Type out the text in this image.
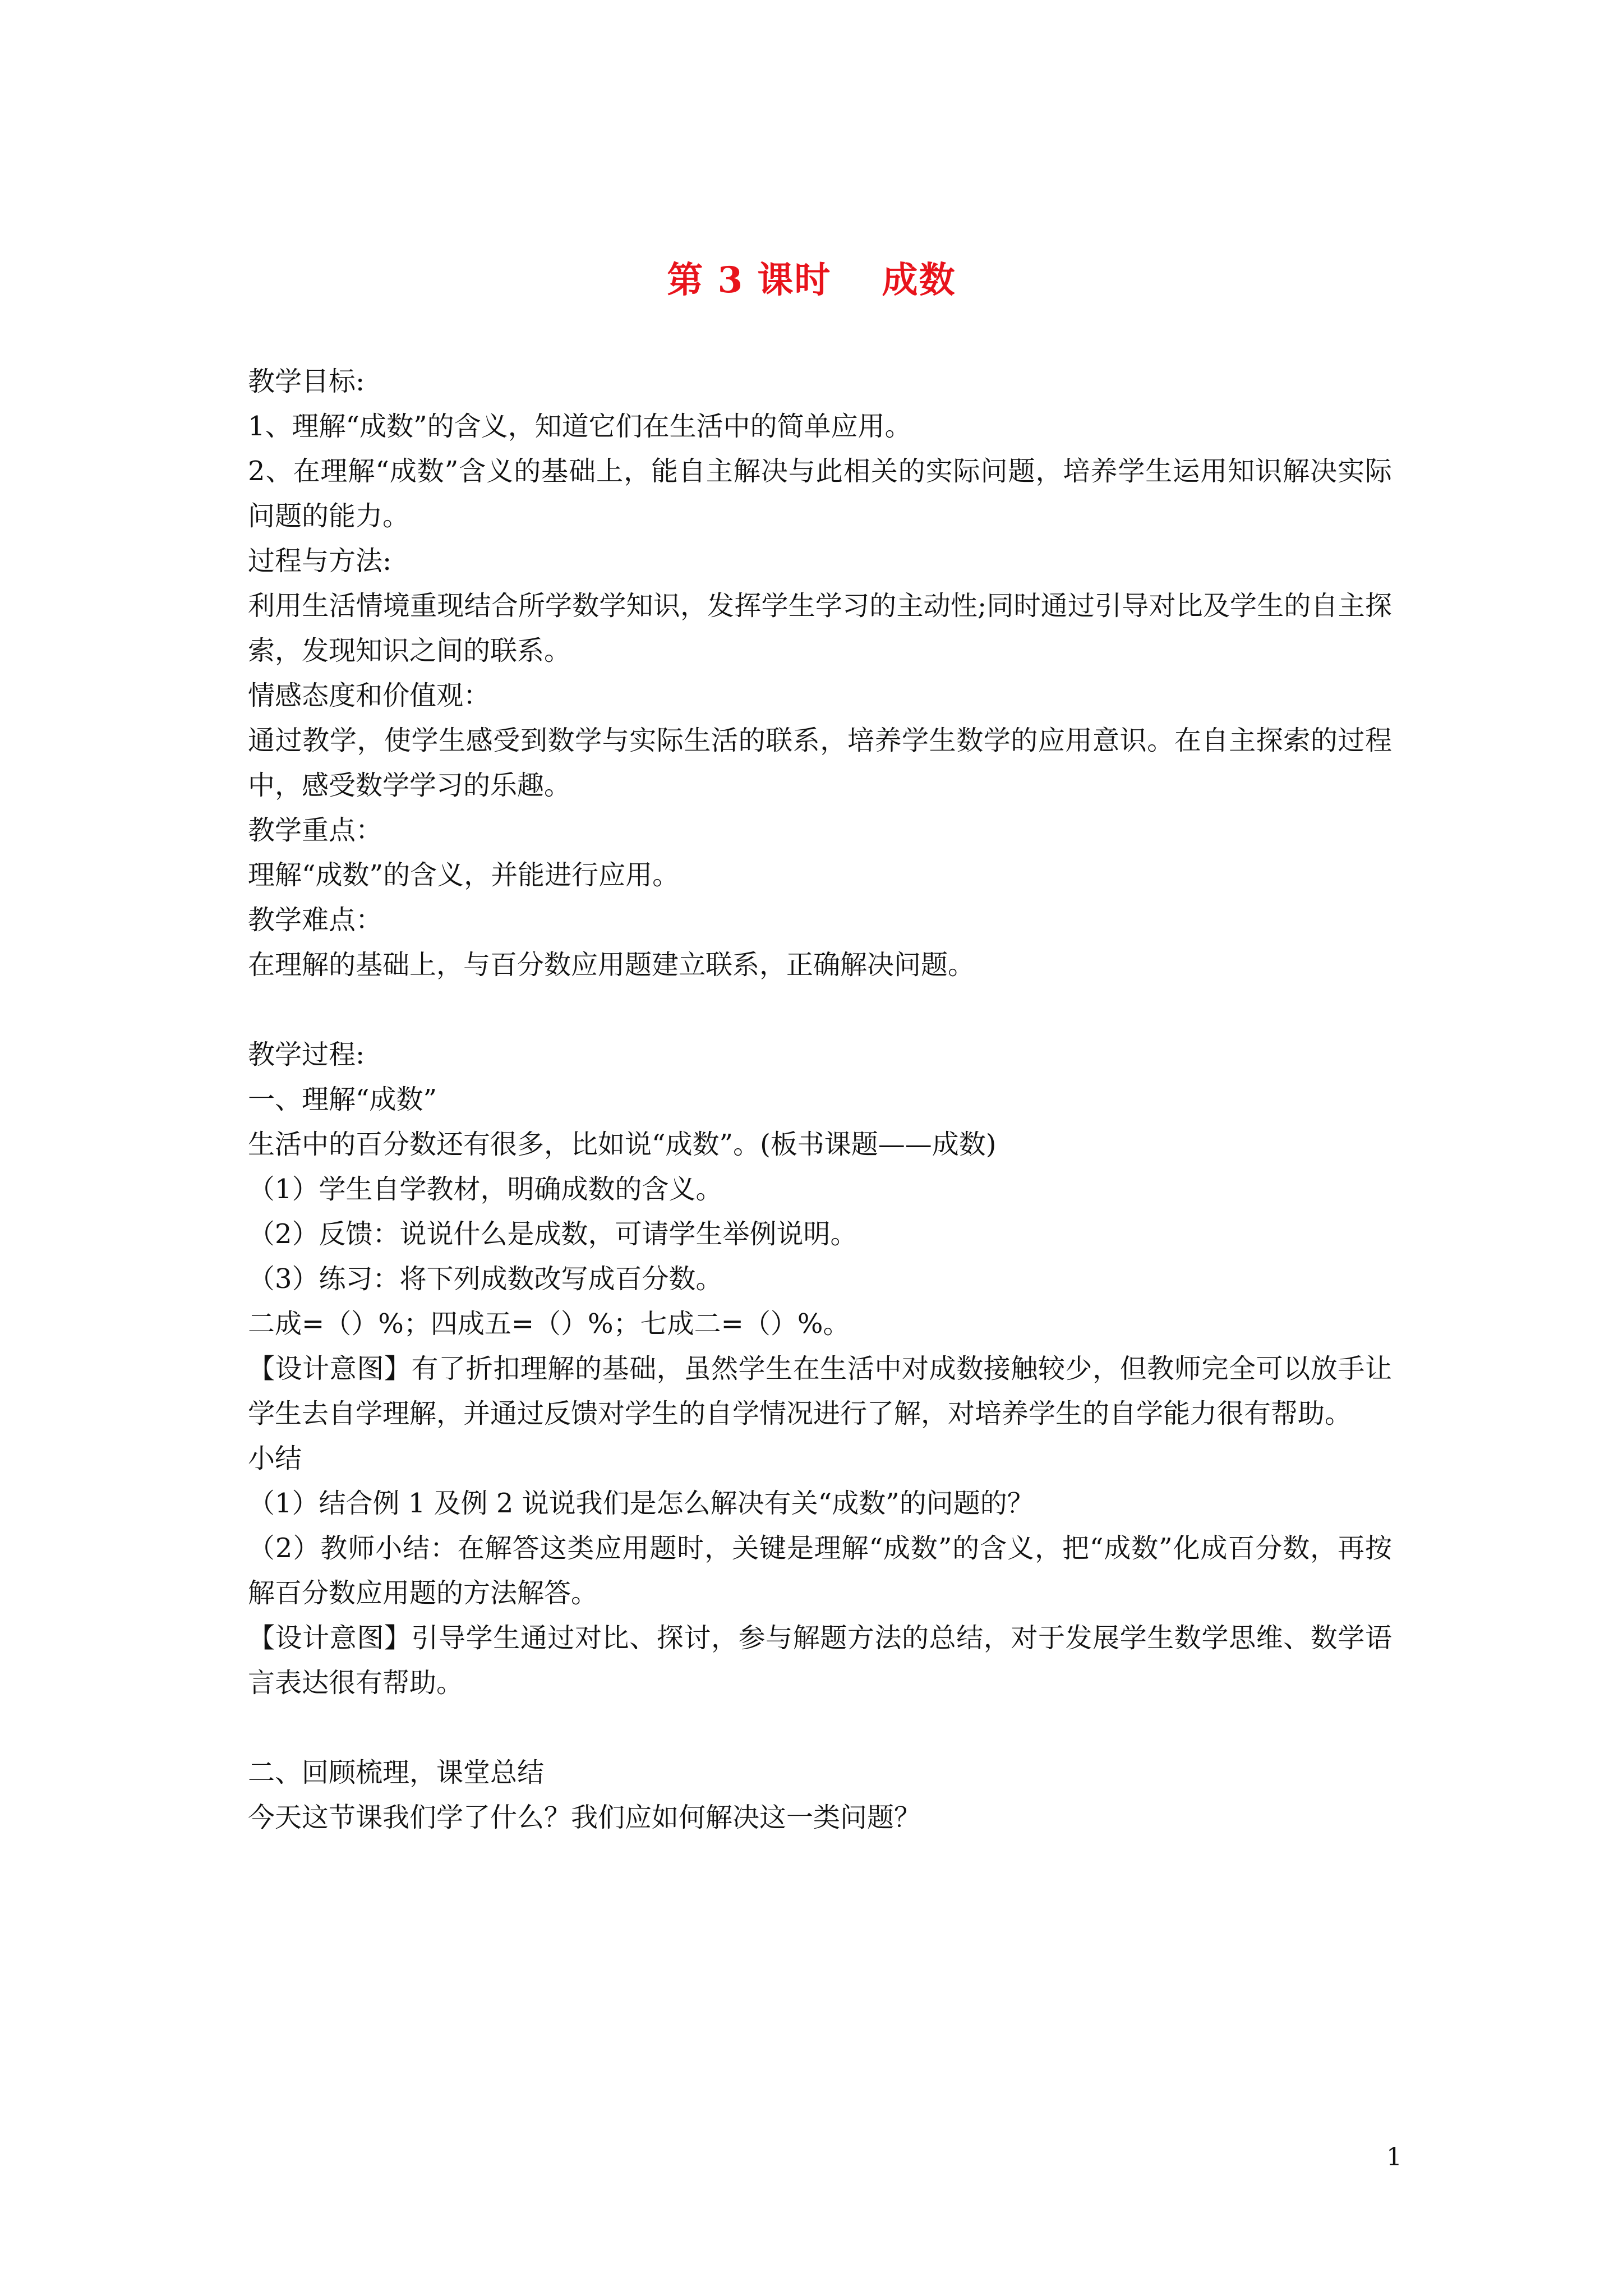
第 3 课时　 成数
教学目标:
1、理解“成数”的含义，知道它们在生活中的简单应用。
2、在理解“成数”含义的基础上，能自主解决与此相关的实际问题，培养学生运用知识解决实际问题的能力。
过程与方法:
利用生活情境重现结合所学数学知识，发挥学生学习的主动性;同时通过引导对比及学生的自主探索，发现知识之间的联系。
情感态度和价值观：
通过教学，使学生感受到数学与实际生活的联系，培养学生数学的应用意识。在自主探索的过程中，感受数学学习的乐趣。
教学重点：
理解“成数”的含义，并能进行应用。
教学难点：
在理解的基础上，与百分数应用题建立联系，正确解决问题。
教学过程:
一、理解“成数”
生活中的百分数还有很多，比如说“成数”。(板书课题——成数)
（1）学生自学教材，明确成数的含义。
（2）反馈：说说什么是成数，可请学生举例说明。
（3）练习：将下列成数改写成百分数。
二成=（）%；四成五=（）%；七成二=（）%。
【设计意图】有了折扣理解的基础，虽然学生在生活中对成数接触较少，但教师完全可以放手让学生去自学理解，并通过反馈对学生的自学情况进行了解，对培养学生的自学能力很有帮助。
小结
（1）结合例 1 及例 2 说说我们是怎么解决有关“成数”的问题的？
（2）教师小结：在解答这类应用题时，关键是理解“成数”的含义，把“成数”化成百分数，再按解百分数应用题的方法解答。
【设计意图】引导学生通过对比、探讨，参与解题方法的总结，对于发展学生数学思维、数学语言表达很有帮助。
二、回顾梳理，课堂总结
今天这节课我们学了什么？我们应如何解决这一类问题？
1
